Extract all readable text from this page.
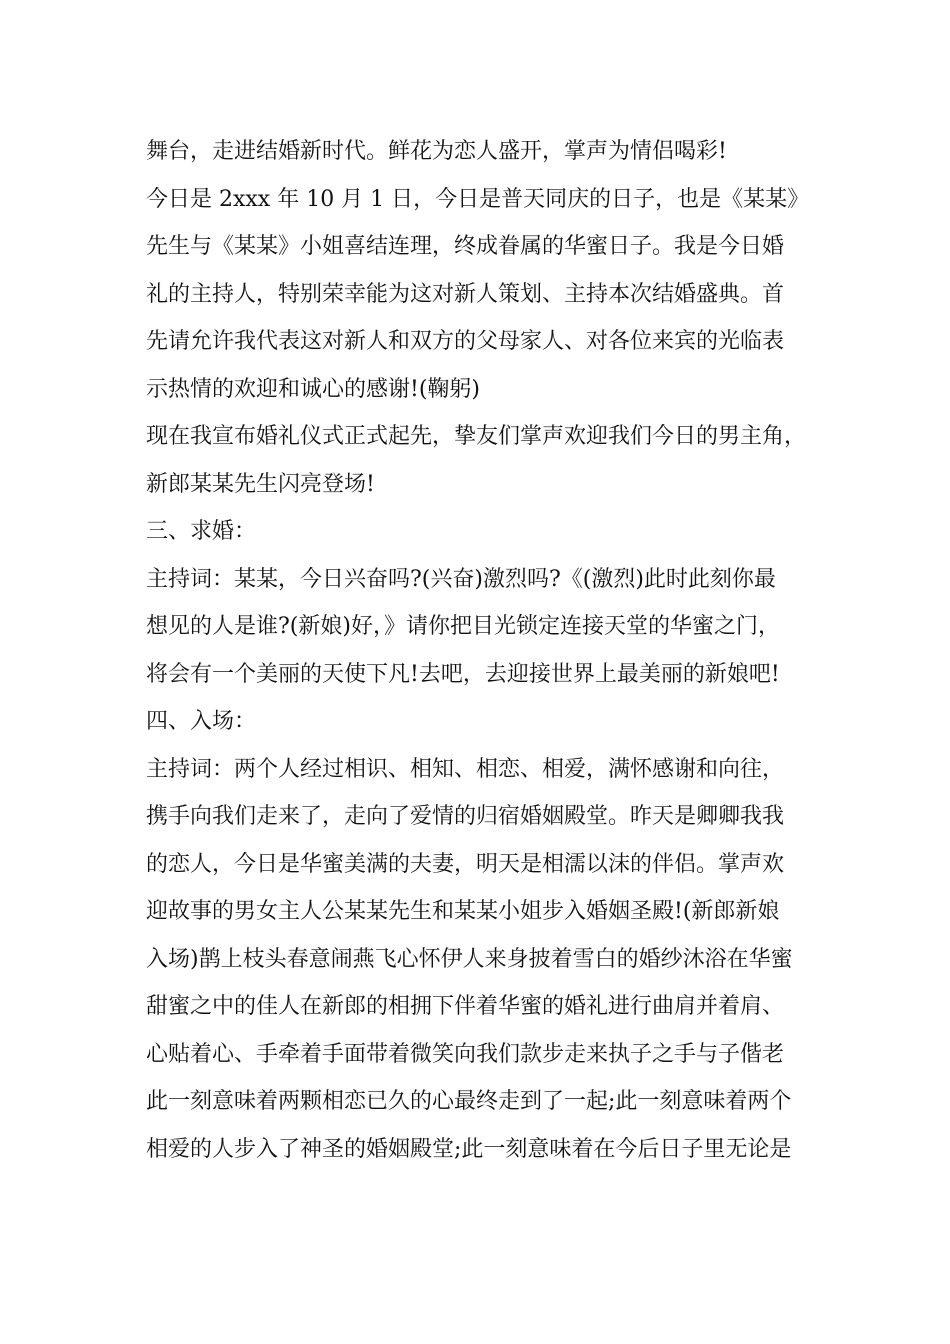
舞台，走进结婚新时代。鲜花为恋人盛开，掌声为情侣喝彩!
今日是 2xxx 年 10 月 1 日，今日是普天同庆的日子，也是《某某》
先生与《某某》小姐喜结连理，终成眷属的华蜜日子。我是今日婚
礼的主持人，特别荣幸能为这对新人策划、主持本次结婚盛典。首
先请允许我代表这对新人和双方的父母家人、对各位来宾的光临表
示热情的欢迎和诚心的感谢!(鞠躬)
现在我宣布婚礼仪式正式起先，挚友们掌声欢迎我们今日的男主角，
新郎某某先生闪亮登场!
三、求婚：
主持词：某某，今日兴奋吗?(兴奋)激烈吗?《(激烈)此时此刻你最
想见的人是谁?(新娘)好，》请你把目光锁定连接天堂的华蜜之门，
将会有一个美丽的天使下凡!去吧，去迎接世界上最美丽的新娘吧!
四、入场：
主持词：两个人经过相识、相知、相恋、相爱，满怀感谢和向往，
携手向我们走来了，走向了爱情的归宿婚姻殿堂。昨天是卿卿我我
的恋人，今日是华蜜美满的夫妻，明天是相濡以沫的伴侣。掌声欢
迎故事的男女主人公某某先生和某某小姐步入婚姻圣殿!(新郎新娘
入场)鹊上枝头春意闹燕飞心怀伊人来身披着雪白的婚纱沐浴在华蜜
甜蜜之中的佳人在新郎的相拥下伴着华蜜的婚礼进行曲肩并着肩、
心贴着心、手牵着手面带着微笑向我们款步走来执子之手与子偕老
此一刻意味着两颗相恋已久的心最终走到了一起;此一刻意味着两个
相爱的人步入了神圣的婚姻殿堂;此一刻意味着在今后日子里无论是
